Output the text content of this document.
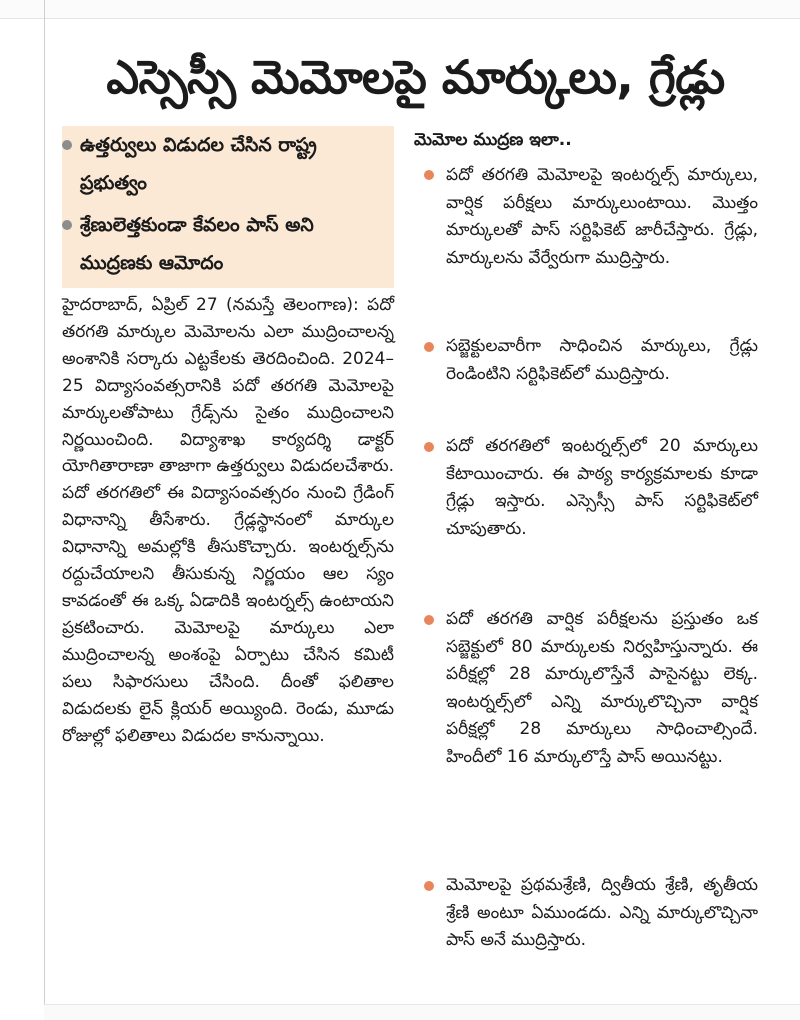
ఎస్సెస్సీ మెమోలపై మార్కులు, గ్రేడ్లు
ఉత్తర్వులు విడుదల చేసిన రాష్ట్ర ప్రభుత్వం
శ్రేణులెత్తకుండా కేవలం పాస్ అని ముద్రణకు ఆమోదం

హైదరాబాద్, ఏప్రిల్ 27 (నమస్తే తెలంగాణ): పదో తరగతి మార్కుల మెమోలను ఎలా ముద్రించాలన్న అంశానికి సర్కారు ఎట్టకేలకు తెరదించింది. 2024–25 విద్యాసంవత్సరానికి పదో తరగతి మెమోలపై మార్కులతోపాటు గ్రేడ్స్‌ను సైతం ముద్రించాలని నిర్ణయించింది. విద్యాశాఖ కార్యదర్శి డాక్టర్ యోగితారాణా తాజాగా ఉత్తర్వులు విడుదలచేశారు. పదో తరగతిలో ఈ విద్యాసంవత్సరం నుంచి గ్రేడింగ్ విధానాన్ని తీసేశారు. గ్రేడ్లస్థానంలో మార్కుల విధానాన్ని అమల్లోకి తీసుకొచ్చారు. ఇంటర్నల్స్‌ను రద్దుచేయాలని తీసుకున్న నిర్ణయం ఆల స్యం కావడంతో ఈ ఒక్క ఏడాదికి ఇంటర్నల్స్ ఉంటాయని ప్రకటించారు. మెమోలపై మార్కులు ఎలా ముద్రించాలన్న అంశంపై ఏర్పాటు చేసిన కమిటీ పలు సిఫారసులు చేసింది. దీంతో ఫలితాల విడుదలకు లైన్ క్లియర్ అయ్యింది. రెండు, మూడు రోజుల్లో ఫలితాలు విడుదల కానున్నాయి.

మెమోల ముద్రణ ఇలా..

పదో తరగతి మెమోలపై ఇంటర్నల్స్ మార్కులు, వార్షిక పరీక్షలు మార్కులుంటాయి. మొత్తం మార్కులతో పాస్ సర్టిఫికెట్ జారీచేస్తారు. గ్రేడ్లు, మార్కులను వేర్వేరుగా ముద్రిస్తారు.

సబ్జెక్టులవారీగా సాధించిన మార్కులు, గ్రేడ్లు రెండింటిని సర్టిఫికెట్‌లో ముద్రిస్తారు.

పదో తరగతిలో ఇంటర్నల్స్‌లో 20 మార్కులు కేటాయించారు. ఈ పాఠ్య కార్యక్రమాలకు కూడా గ్రేడ్లు ఇస్తారు. ఎస్సెస్సీ పాస్ సర్టిఫికెట్‌లో చూపుతారు.

పదో తరగతి వార్షిక పరీక్షలను ప్రస్తుతం ఒక సబ్జెక్టులో 80 మార్కులకు నిర్వహిస్తున్నారు. ఈ పరీక్షల్లో 28 మార్కులొస్తేనే పాసైనట్టు లెక్క. ఇంటర్నల్స్‌లో ఎన్ని మార్కులొచ్చినా వార్షిక పరీక్షల్లో 28 మార్కులు సాధించాల్సిందే. హిందీలో 16 మార్కులొస్తే పాస్ అయినట్టు.

మెమోలపై ప్రథమశ్రేణి, ద్వితీయ శ్రేణి, తృతీయ శ్రేణి అంటూ ఏముండదు. ఎన్ని మార్కులొచ్చినా పాస్ అనే ముద్రిస్తారు.
